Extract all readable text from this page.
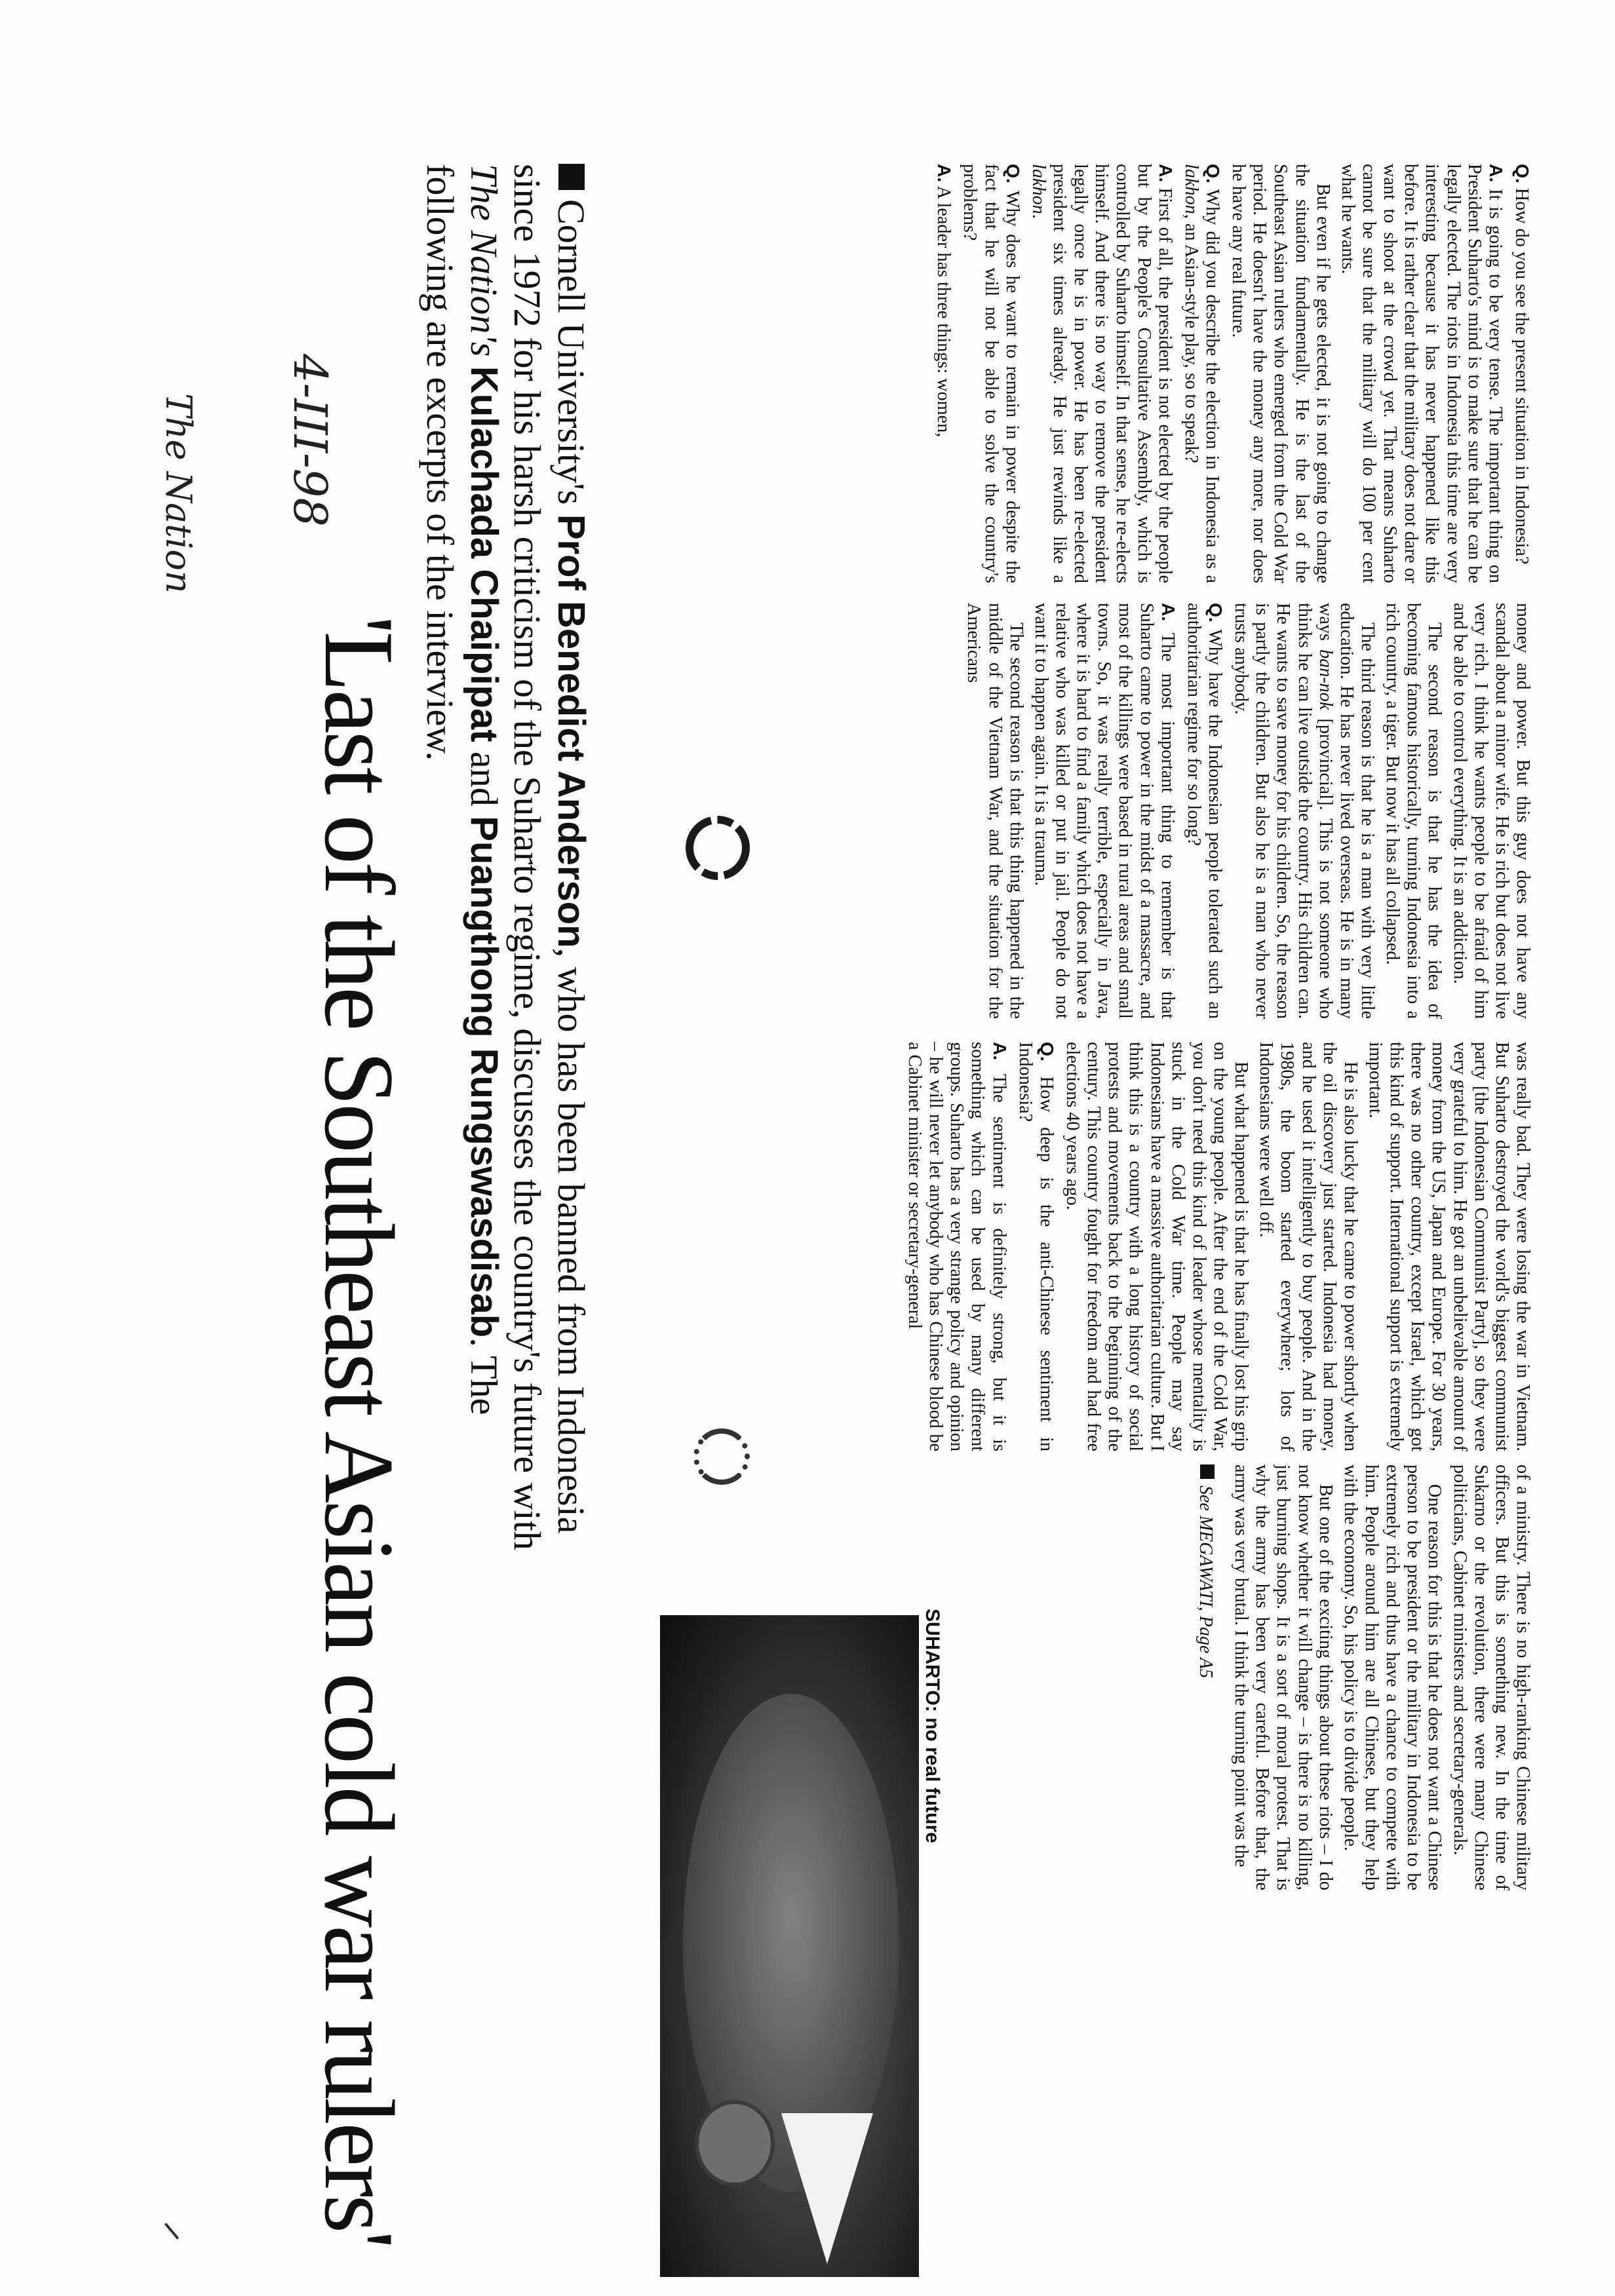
The Nation 4-III-98
'Last of the Southeast Asian cold war rulers'

Cornell University's Prof Benedict Anderson, who has been banned from Indonesia since 1972 for his harsh criticism of the Suharto regime, discusses the country's future with The Nation's Kulachada Chaipipat and Puangthong Rungswasdisab. The following are excerpts of the interview.	Q. How do you see the present situation in Indonesia?

A. It is going to be very tense. The important thing on President Suharto's mind is to make sure that he can be legally elected. The riots in Indonesia this time are very interesting because it has never happened like this before. It is rather clear that the military does not dare or want to shoot at the crowd yet. That means Suharto cannot be sure that the military will do 100 per cent what he wants.

But even if he gets elected, it is not going to change the situation fundamentally. He is the last of the Southeast Asian rulers who emerged from the Cold War period. He doesn't have the money any more, nor does he have any real future.

Q. Why did you describe the election in Indonesia as a lakhon, an Asian-style play, so to speak?

A. First of all, the president is not elected by the people but by the People's Consultative Assembly, which is controlled by Suharto himself. In that sense, he re-elects himself. And there is no way to remove the president legally once he is in power. He has been re-elected president six times already. He just rewinds like a lakhon.

Q. Why does he want to remain in power despite the fact that he will not be able to solve the country's problems?

A. A leader has three things: women,

money and power. But this guy does not have any scandal about a minor wife. He is rich but does not live very rich. I think he wants people to be afraid of him and be able to control everything. It is an addiction.

The second reason is that he has the idea of becoming famous historically, turning Indonesia into a rich country, a tiger. But now it has all collapsed.

The third reason is that he is a man with very little education. He has never lived overseas. He is in many ways ban-nok [provincial]. This is not someone who thinks he can live outside the country. His children can. He wants to save money for his children. So, the reason is partly the children. But also he is a man who never trusts anybody.

Q. Why have the Indonesian people tolerated such an authoritarian regime for so long?

A. The most important thing to remember is that Suharto came to power in the midst of a massacre, and most of the killings were based in rural areas and small towns. So, it was really terrible, especially in Java, where it is hard to find a family which does not have a relative who was killed or put in jail. People do not want it to happen again. It is a trauma.

The second reason is that this thing happened in the middle of the Vietnam War, and the situation for the Americans

was really bad. They were losing the war in Vietnam. But Suharto destroyed the world's biggest communist party [the Indonesian Communist Party], so they were very grateful to him. He got an unbelievable amount of money from the US, Japan and Europe. For 30 years, there was no other country, except Israel, which got this kind of support. International support is extremely important.

He is also lucky that he came to power shortly when the oil discovery just started. Indonesia had money, and he used it intelligently to buy people. And in the 1980s, the boom started everywhere; lots of Indonesians were well off.

But what happened is that he has finally lost his grip on the young people. After the end of the Cold War, you don't need this kind of leader whose mentality is stuck in the Cold War time. People may say Indonesians have a massive authoritarian culture. But I think this is a country with a long history of social protests and movements back to the beginning of the century. This country fought for freedom and had free elections 40 years ago.

Q. How deep is the anti-Chinese sentiment in Indonesia?

A. The sentiment is definitely strong, but it is something which can be used by many different groups. Suharto has a very strange policy and opinion – he will never let anybody who has Chinese blood be a Cabinet minister or secretary-general

of a ministry. There is no high-ranking Chinese military officers. But this is something new. In the time of Sukarno or the revolution, there were many Chinese politicians, Cabinet ministers and secretary-generals.

One reason for this is that he does not want a Chinese person to be president or the military in Indonesia to be extremely rich and thus have a chance to compete with him. People around him are all Chinese, but they help with the economy. So, his policy is to divide people.

But one of the exciting things about these riots – I do not know whether it will change – is there is no killing, just burning shops. It is a sort of moral protest. That is why the army has been very careful. Before that, the army was very brutal. I think the turning point was the

See MEGAWATI, Page A5
SUHARTO: no real future
